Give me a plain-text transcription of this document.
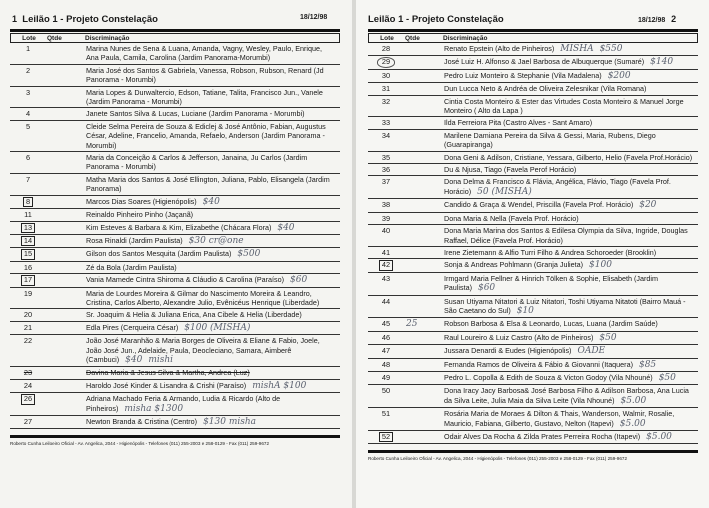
1 Leilão 1 - Projeto Constelação	18/12/98
Lote	Qtde	Discriminação
1	Marina Nunes de Sena & Luana, Amanda, Vagny, Wesley, Paulo, Enrique, Ana Paula, Camila, Carolina (Jardim Panorama-Morumbi)
2	Maria José dos Santos & Gabriela, Vanessa, Robson, Rubson, Renard (Jd Panorama - Morumbi)
3	Maria Lopes & Durwaltercio, Edson, Tatiane, Talita, Francisco Jun., Vanele (Jardim Panorama - Morumbi)
4	Janete Santos Silva & Lucas, Luciane (Jardim Panorama - Morumbi)
5	Cleide Selma Pereira de Souza & Ediclej & José Antônio, Fabian, Augustus César, Adeline, Francelio, Amanda, Refaelo, Anderson (Jardim Panorama - Morumbi)
6	Maria da Conceição & Carlos & Jefferson, Janaina, Ju Carlos (Jardim Panorama - Morumbi)
7	Matha Maria dos Santos & José Ellington, Juliana, Pablo, Elisangela (Jardim Panorama)
8	Marcos Dias Soares (Higienópolis) $40
11	Reinaldo Pinheiro Pinho (Jaçanã)
13	Kim Esteves & Barbara & Kim, Elizabethe (Chácara Flora) $40
14	Rosa Rinaldi (Jardim Paulista) $30 cr@one
15	Gilson dos Santos Mesquita (Jardim Paulista) $500
16	Zé da Bola (Jardim Paulista)
17	Vania Mamede Cintra Shiroma & Cláudio & Carolina (Paraíso) $60
19	Maria de Lourdes Moreira & Gilmar do Nascimento Moreira & Leandro, Cristina, Carlos Alberto, Alexandre Julio, Evênicéus Henrique (Liberdade)
20	Sr. Joaquim & Helia & Juliana Erica, Ana Cibele & Helia (Liberdade)
21	Edla Pires (Cerqueira César) $100 (MISHA)
22	João José Maranhão & Maria Borges de Oliveira & Eliane & Fabio, Joele, João José Jun., Adelaide, Paula, Deocleciano, Samara, Aimberê (Cambuci) $40 mishi
23	Davina Maria & Jesus Silva & Martha, Andrea (Luz)
24	Haroldo José Kinder & Lisandra & Crishi (Paraíso) mishA $100
26	Adriana Machado Feria & Armando, Ludia & Ricardo (Alto de Pinheiros) misha $1300
27	Newton Branda & Cristina (Centro) $130 misha
Roberto Cunha Leiloeiro Oficial - Av. Angelica, 2044 - Higienópolis - Telefones (011) 255-2003 e 258-0129 - Fax (011) 259-9672
Leilão 1 - Projeto Constelação	18/12/98 2
Lote	Qtde	Discriminação
28	Renato Epstein (Alto de Pinheiros) MISHA $550
29	José Luiz H. Alfonso & Jael Barbosa de Albuquerque (Sumaré) $140
30	Pedro Luiz Monteiro & Stephanie (Vila Madalena) $200
31	Dun Lucca Neto & Andréa de Oliveira Zelesnikar (Vila Romana)
32	Cintia Costa Monteiro & Ester das Virtudes Costa Monteiro & Manuel Jorge Monteiro ( Alto da Lapa )
33	Ilda Ferreiora Pita (Castro Alves - Sant Amaro)
34	Marilene Damiana Pereira da Silva & Gessi, Maria, Rubens, Diego (Guarapiranga)
35	Dona Geni & Adilson, Cristiane, Yessara, Gilberto, Helio (Favela Prof.Horácio)
36	Du & Njusa, Tiago (Favela Perof Horácio)
37	Dona Delma & Francisco & Flávia, Angélica, Flávio, Tiago (Favela Prof. Horácio) 50 (MISHA)
38	Candido & Graça & Wendel, Priscilla (Favela Prof. Horácio) $20
39	Dona Maria & Nella (Favela Prof. Horácio)
40	Dona Maria Marina dos Santos & Edilesa Olympia da Silva, Ingride, Douglas Raffael, Délice (Favela Prof. Horácio)
41	Irene Zietemann & Alfio Turri Filho & Andrea Schoroeder (Brooklin)
42	Sonja & Andreas Pohlmann (Granja Julieta) $100
43	Irmgard Maria Fellner & Hinrich Tölken & Sophie, Elisabeth (Jardim Paulista) $60
44	Susan Utiyama Nitatori & Luiz Nitatori, Toshi Utiyama Nitatoti (Bairro Mauá - São Caetano do Sul) $10
45	25	Robson Barbosa & Elsa & Leonardo, Lucas, Luana (Jardim Saúde)
46	Raul Loureiro & Luiz Castro (Alto de Pinheiros) $50
47	Jussara Denardi & Eudes (Higienópolis) OADE
48	Fernanda Ramos de Oliveira & Fábio & Giovanni (Itaquera) $85
49	Pedro L. Copolla & Edith de Souza & Victon Godoy (Vila Nhouné) $50
50	Dona Iracy Jacy Barbosa& José Barbosa Filho & Adilson Barbosa, Ana Lucia da Silva Leite, Julia Maia da Silva Leite (Vila Nhouné) $5.00
51	Rosária Maria de Moraes & Dilton & Thais, Wanderson, Walmir, Rosalie, Mauricio, Fabiana, Gilberto, Gustavo, Nelton (Itapevi) $5.00
52	Odair Alves Da Rocha & Zilda Prates Perreira Rocha (Itapevi) $5.00
Roberto Cunha Leiloeiro Oficial - Av. Angelica, 2044 - Higienópolis - Telefones (011) 255-2003 e 258-0129 - Fax (011) 259-9672
